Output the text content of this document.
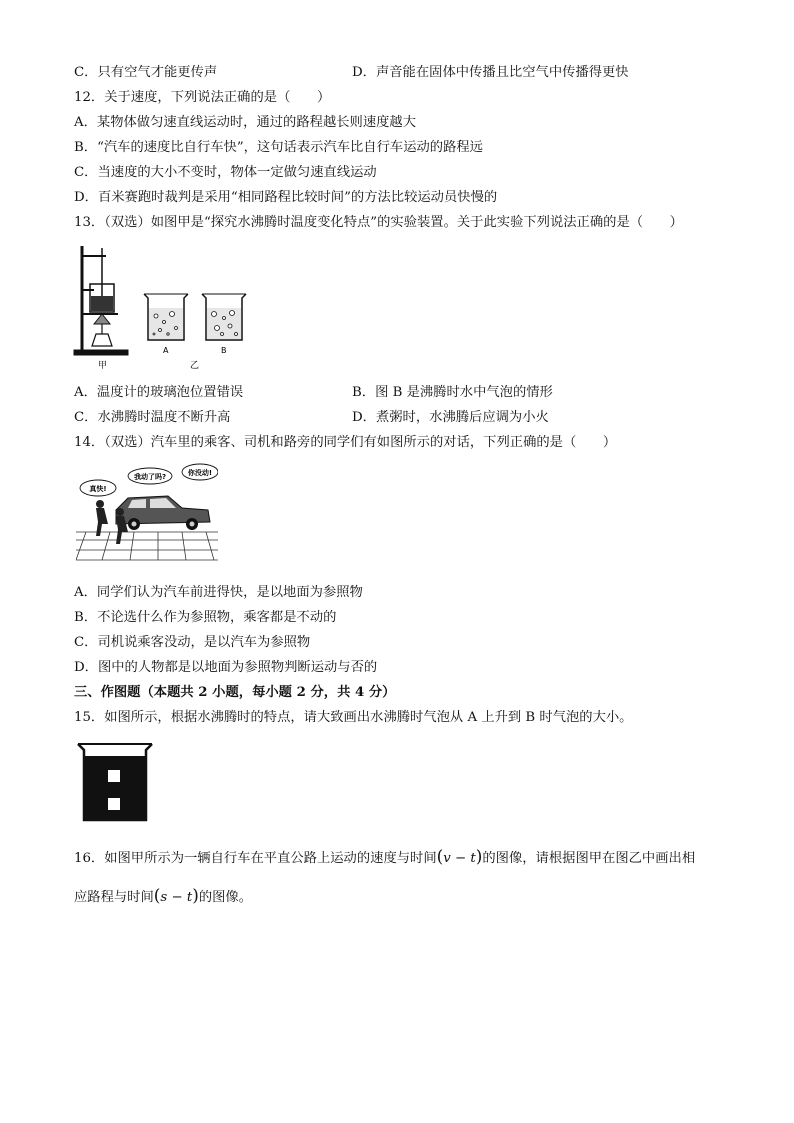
C．只有空气才能更传声	D．声音能在固体中传播且比空气中传播得更快
12．关于速度，下列说法正确的是（　　）
A．某物体做匀速直线运动时，通过的路程越长则速度越大
B．“汽车的速度比自行车快”，这句话表示汽车比自行车运动的路程远
C．当速度的大小不变时，物体一定做匀速直线运动
D．百米赛跑时裁判是采用“相同路程比较时间”的方法比较运动员快慢的
13．（双选）如图甲是“探究水沸腾时温度变化特点”的实验装置。关于此实验下列说法正确的是（　　）
甲
A	B
乙
A．温度计的玻璃泡位置错误	B．图 B 是沸腾时水中气泡的情形
C．水沸腾时温度不断升高	D．煮粥时，水沸腾后应调为小火
14．（双选）汽车里的乘客、司机和路旁的同学们有如图所示的对话，下列正确的是（　　）
真快!
我动了吗?	你没动!
A．同学们认为汽车前进得快，是以地面为参照物
B．不论选什么作为参照物，乘客都是不动的
C．司机说乘客没动，是以汽车为参照物
D．图中的人物都是以地面为参照物判断运动与否的
三、作图题（本题共 2 小题，每小题 2 分，共 4 分）
15．如图所示，根据水沸腾时的特点，请大致画出水沸腾时气泡从 A 上升到 B 时气泡的大小。
16．如图甲所示为一辆自行车在平直公路上运动的速度与时间(v − t)的图像，请根据图甲在图乙中画出相
应路程与时间(s − t)的图像。
